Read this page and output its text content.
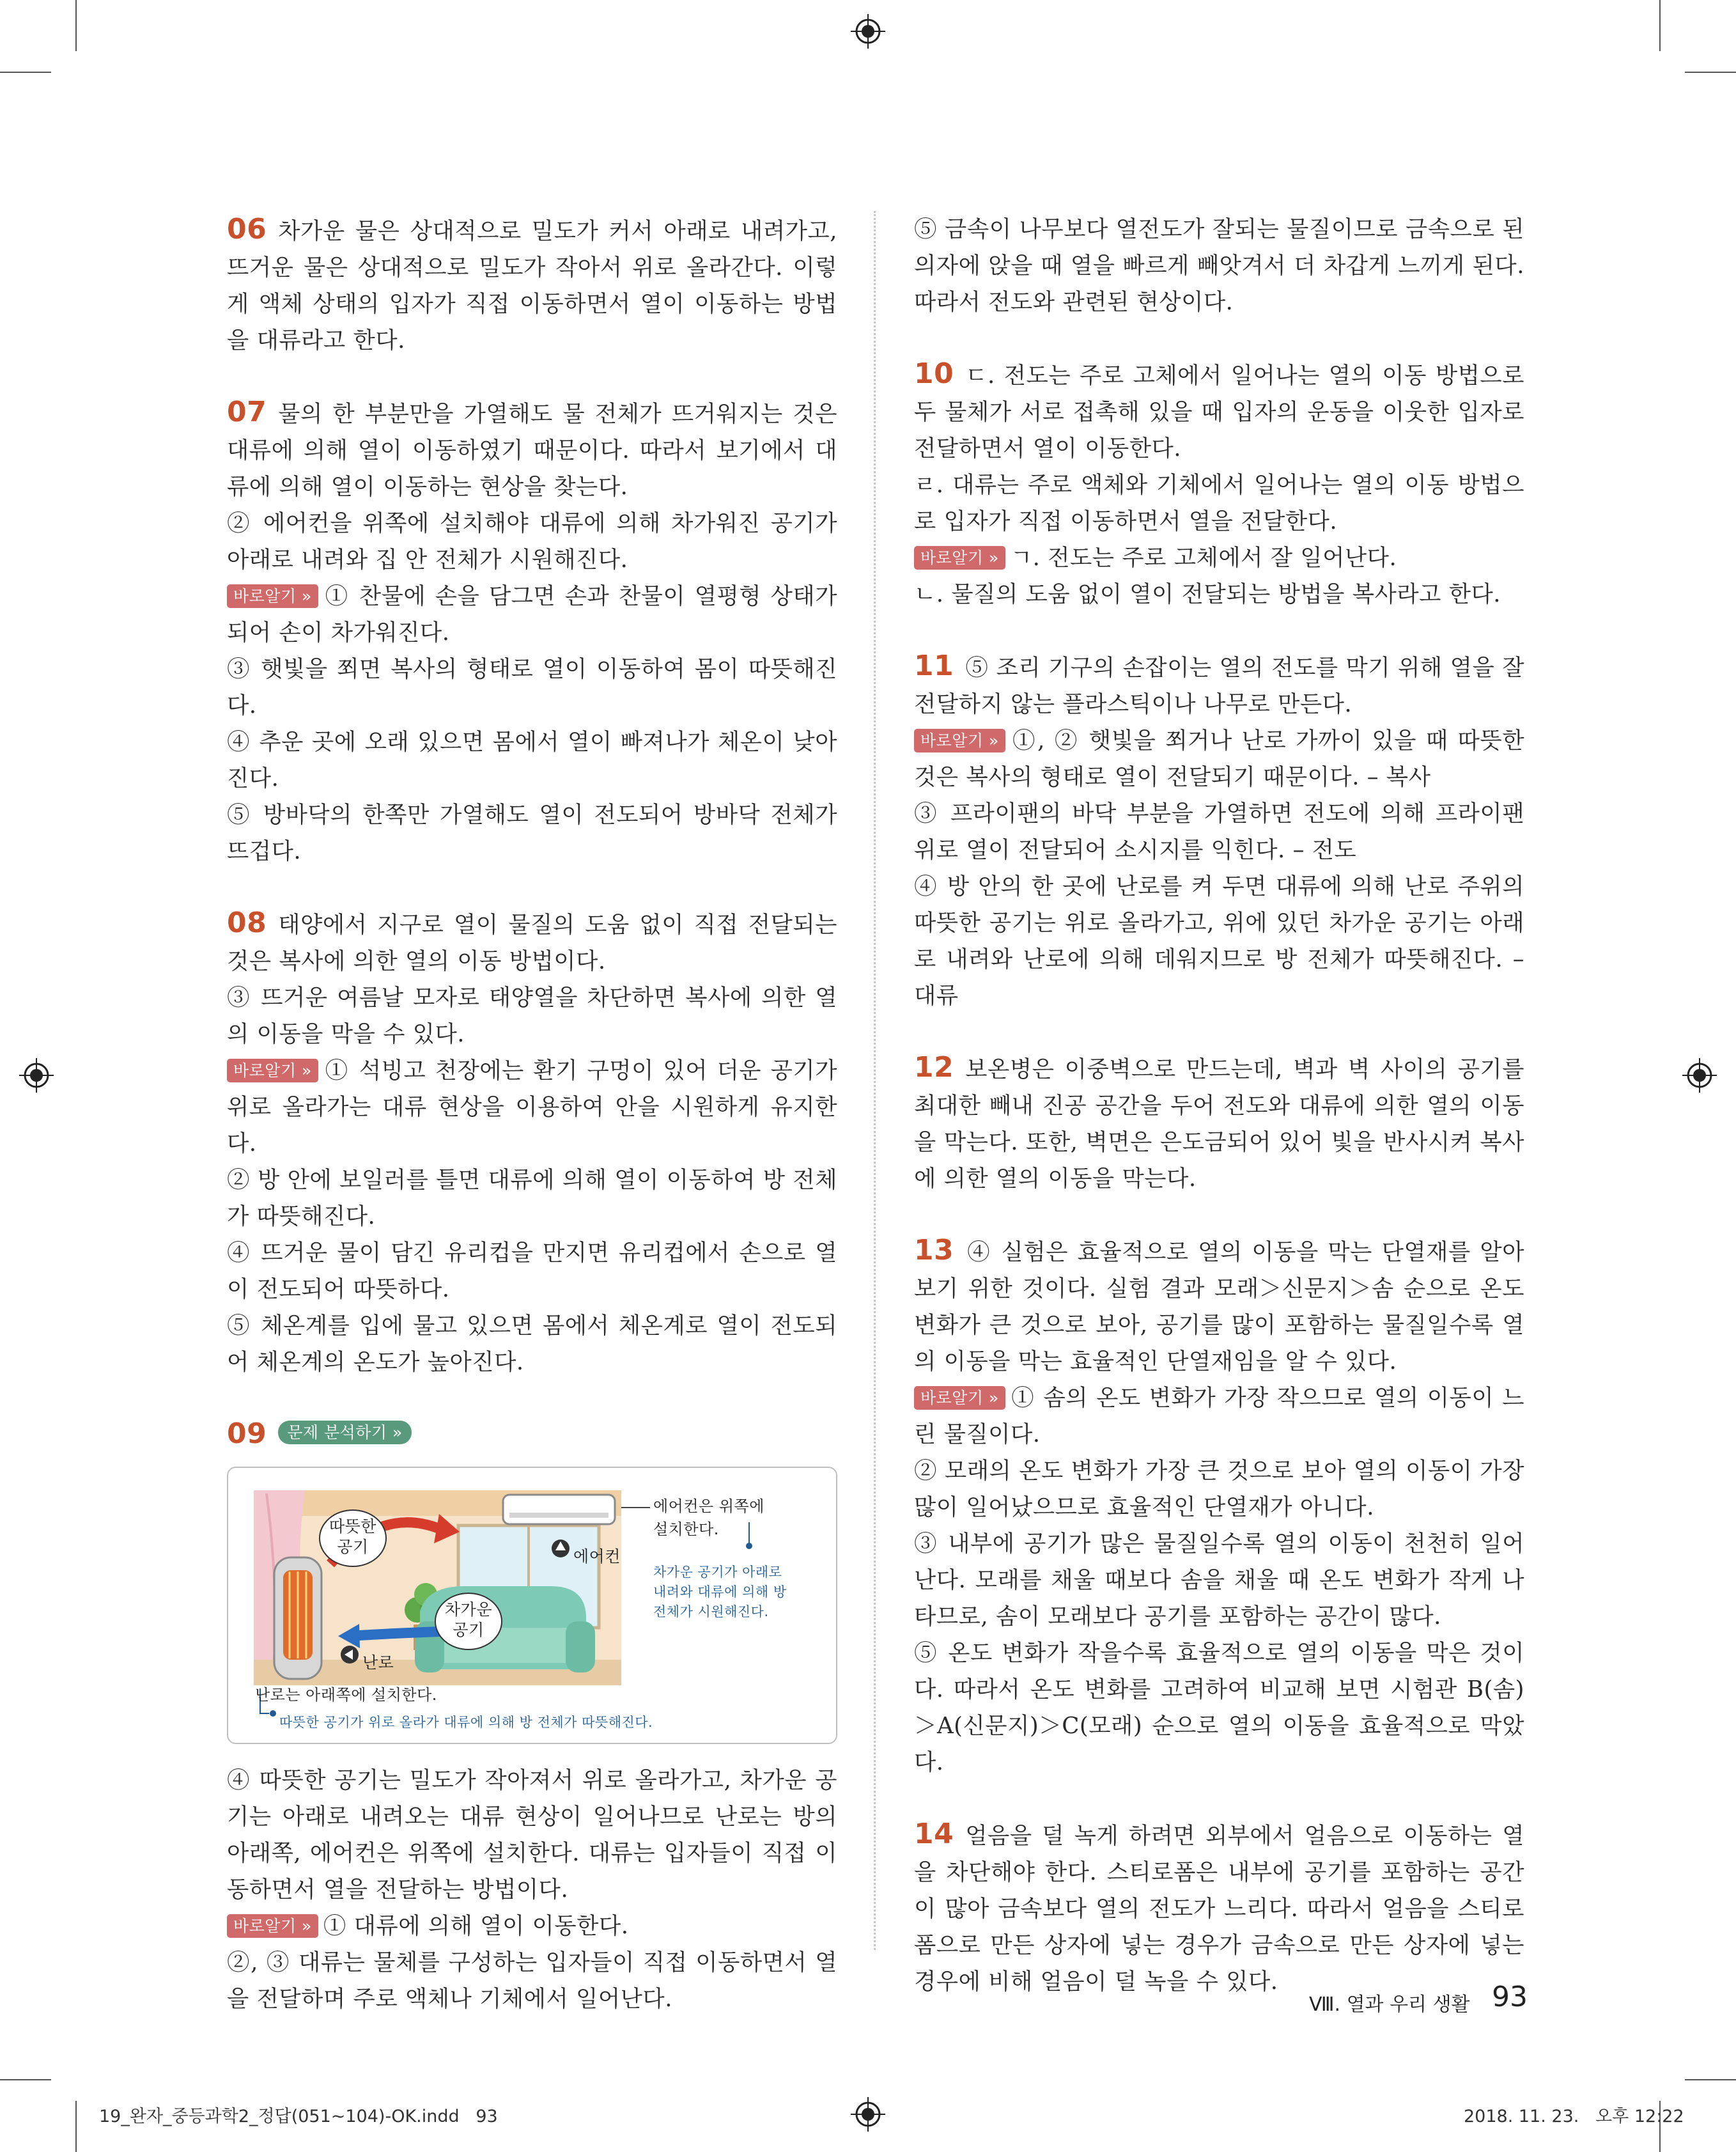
06 차가운 물은 상대적으로 밀도가 커서 아래로 내려가고, 뜨거운 물은 상대적으로 밀도가 작아서 위로 올라간다. 이렇게 액체 상태의 입자가 직접 이동하면서 열이 이동하는 방법을 대류라고 한다.

07 물의 한 부분만을 가열해도 물 전체가 뜨거워지는 것은 대류에 의해 열이 이동하였기 때문이다. 따라서 보기에서 대류에 의해 열이 이동하는 현상을 찾는다.

② 에어컨을 위쪽에 설치해야 대류에 의해 차가워진 공기가 아래로 내려와 집 안 전체가 시원해진다.

바로알기 » ① 찬물에 손을 담그면 손과 찬물이 열평형 상태가 되어 손이 차가워진다.

③ 햇빛을 쬐면 복사의 형태로 열이 이동하여 몸이 따뜻해진다.

④ 추운 곳에 오래 있으면 몸에서 열이 빠져나가 체온이 낮아진다.

⑤ 방바닥의 한쪽만 가열해도 열이 전도되어 방바닥 전체가 뜨겁다.

08 태양에서 지구로 열이 물질의 도움 없이 직접 전달되는 것은 복사에 의한 열의 이동 방법이다.

③ 뜨거운 여름날 모자로 태양열을 차단하면 복사에 의한 열의 이동을 막을 수 있다.

바로알기 » ① 석빙고 천장에는 환기 구멍이 있어 더운 공기가 위로 올라가는 대류 현상을 이용하여 안을 시원하게 유지한다.

② 방 안에 보일러를 틀면 대류에 의해 열이 이동하여 방 전체가 따뜻해진다.

④ 뜨거운 물이 담긴 유리컵을 만지면 유리컵에서 손으로 열이 전도되어 따뜻하다.

⑤ 체온계를 입에 물고 있으면 몸에서 체온계로 열이 전도되어 체온계의 온도가 높아진다.

09 문제 분석하기 »

따뜻한
공기
차가운
공기
에어컨
난로
에어컨은 위쪽에
설치한다.
차가운 공기가 아래로
내려와 대류에 의해 방
전체가 시원해진다.
난로는 아래쪽에 설치한다.
따뜻한 공기가 위로 올라가 대류에 의해 방 전체가 따뜻해진다.

④ 따뜻한 공기는 밀도가 작아져서 위로 올라가고, 차가운 공기는 아래로 내려오는 대류 현상이 일어나므로 난로는 방의 아래쪽, 에어컨은 위쪽에 설치한다. 대류는 입자들이 직접 이동하면서 열을 전달하는 방법이다.

바로알기 » ① 대류에 의해 열이 이동한다.

②, ③ 대류는 물체를 구성하는 입자들이 직접 이동하면서 열을 전달하며 주로 액체나 기체에서 일어난다.

⑤ 금속이 나무보다 열전도가 잘되는 물질이므로 금속으로 된 의자에 앉을 때 열을 빠르게 빼앗겨서 더 차갑게 느끼게 된다. 따라서 전도와 관련된 현상이다.

10 ㄷ. 전도는 주로 고체에서 일어나는 열의 이동 방법으로 두 물체가 서로 접촉해 있을 때 입자의 운동을 이웃한 입자로 전달하면서 열이 이동한다.

ㄹ. 대류는 주로 액체와 기체에서 일어나는 열의 이동 방법으로 입자가 직접 이동하면서 열을 전달한다.

바로알기 » ㄱ. 전도는 주로 고체에서 잘 일어난다.

ㄴ. 물질의 도움 없이 열이 전달되는 방법을 복사라고 한다.

11 ⑤ 조리 기구의 손잡이는 열의 전도를 막기 위해 열을 잘 전달하지 않는 플라스틱이나 나무로 만든다.

바로알기 » ①, ② 햇빛을 쬐거나 난로 가까이 있을 때 따뜻한 것은 복사의 형태로 열이 전달되기 때문이다. – 복사

③ 프라이팬의 바닥 부분을 가열하면 전도에 의해 프라이팬 위로 열이 전달되어 소시지를 익힌다. – 전도

④ 방 안의 한 곳에 난로를 켜 두면 대류에 의해 난로 주위의 따뜻한 공기는 위로 올라가고, 위에 있던 차가운 공기는 아래로 내려와 난로에 의해 데워지므로 방 전체가 따뜻해진다. – 대류

12 보온병은 이중벽으로 만드는데, 벽과 벽 사이의 공기를 최대한 빼내 진공 공간을 두어 전도와 대류에 의한 열의 이동을 막는다. 또한, 벽면은 은도금되어 있어 빛을 반사시켜 복사에 의한 열의 이동을 막는다.

13 ④ 실험은 효율적으로 열의 이동을 막는 단열재를 알아보기 위한 것이다. 실험 결과 모래＞신문지＞솜 순으로 온도 변화가 큰 것으로 보아, 공기를 많이 포함하는 물질일수록 열의 이동을 막는 효율적인 단열재임을 알 수 있다.

바로알기 » ① 솜의 온도 변화가 가장 작으므로 열의 이동이 느린 물질이다.

② 모래의 온도 변화가 가장 큰 것으로 보아 열의 이동이 가장 많이 일어났으므로 효율적인 단열재가 아니다.

③ 내부에 공기가 많은 물질일수록 열의 이동이 천천히 일어난다. 모래를 채울 때보다 솜을 채울 때 온도 변화가 작게 나타므로, 솜이 모래보다 공기를 포함하는 공간이 많다.

⑤ 온도 변화가 작을수록 효율적으로 열의 이동을 막은 것이다. 따라서 온도 변화를 고려하여 비교해 보면 시험관 B(솜)＞A(신문지)＞C(모래) 순으로 열의 이동을 효율적으로 막았다.

14 얼음을 덜 녹게 하려면 외부에서 얼음으로 이동하는 열을 차단해야 한다. 스티로폼은 내부에 공기를 포함하는 공간이 많아 금속보다 열의 전도가 느리다. 따라서 얼음을 스티로폼으로 만든 상자에 넣는 경우가 금속으로 만든 상자에 넣는 경우에 비해 얼음이 덜 녹을 수 있다.

Ⅷ. 열과 우리 생활 93
19_완자_중등과학2_정답(051~104)-OK.indd   93	2018. 11. 23.   오후 12:22
